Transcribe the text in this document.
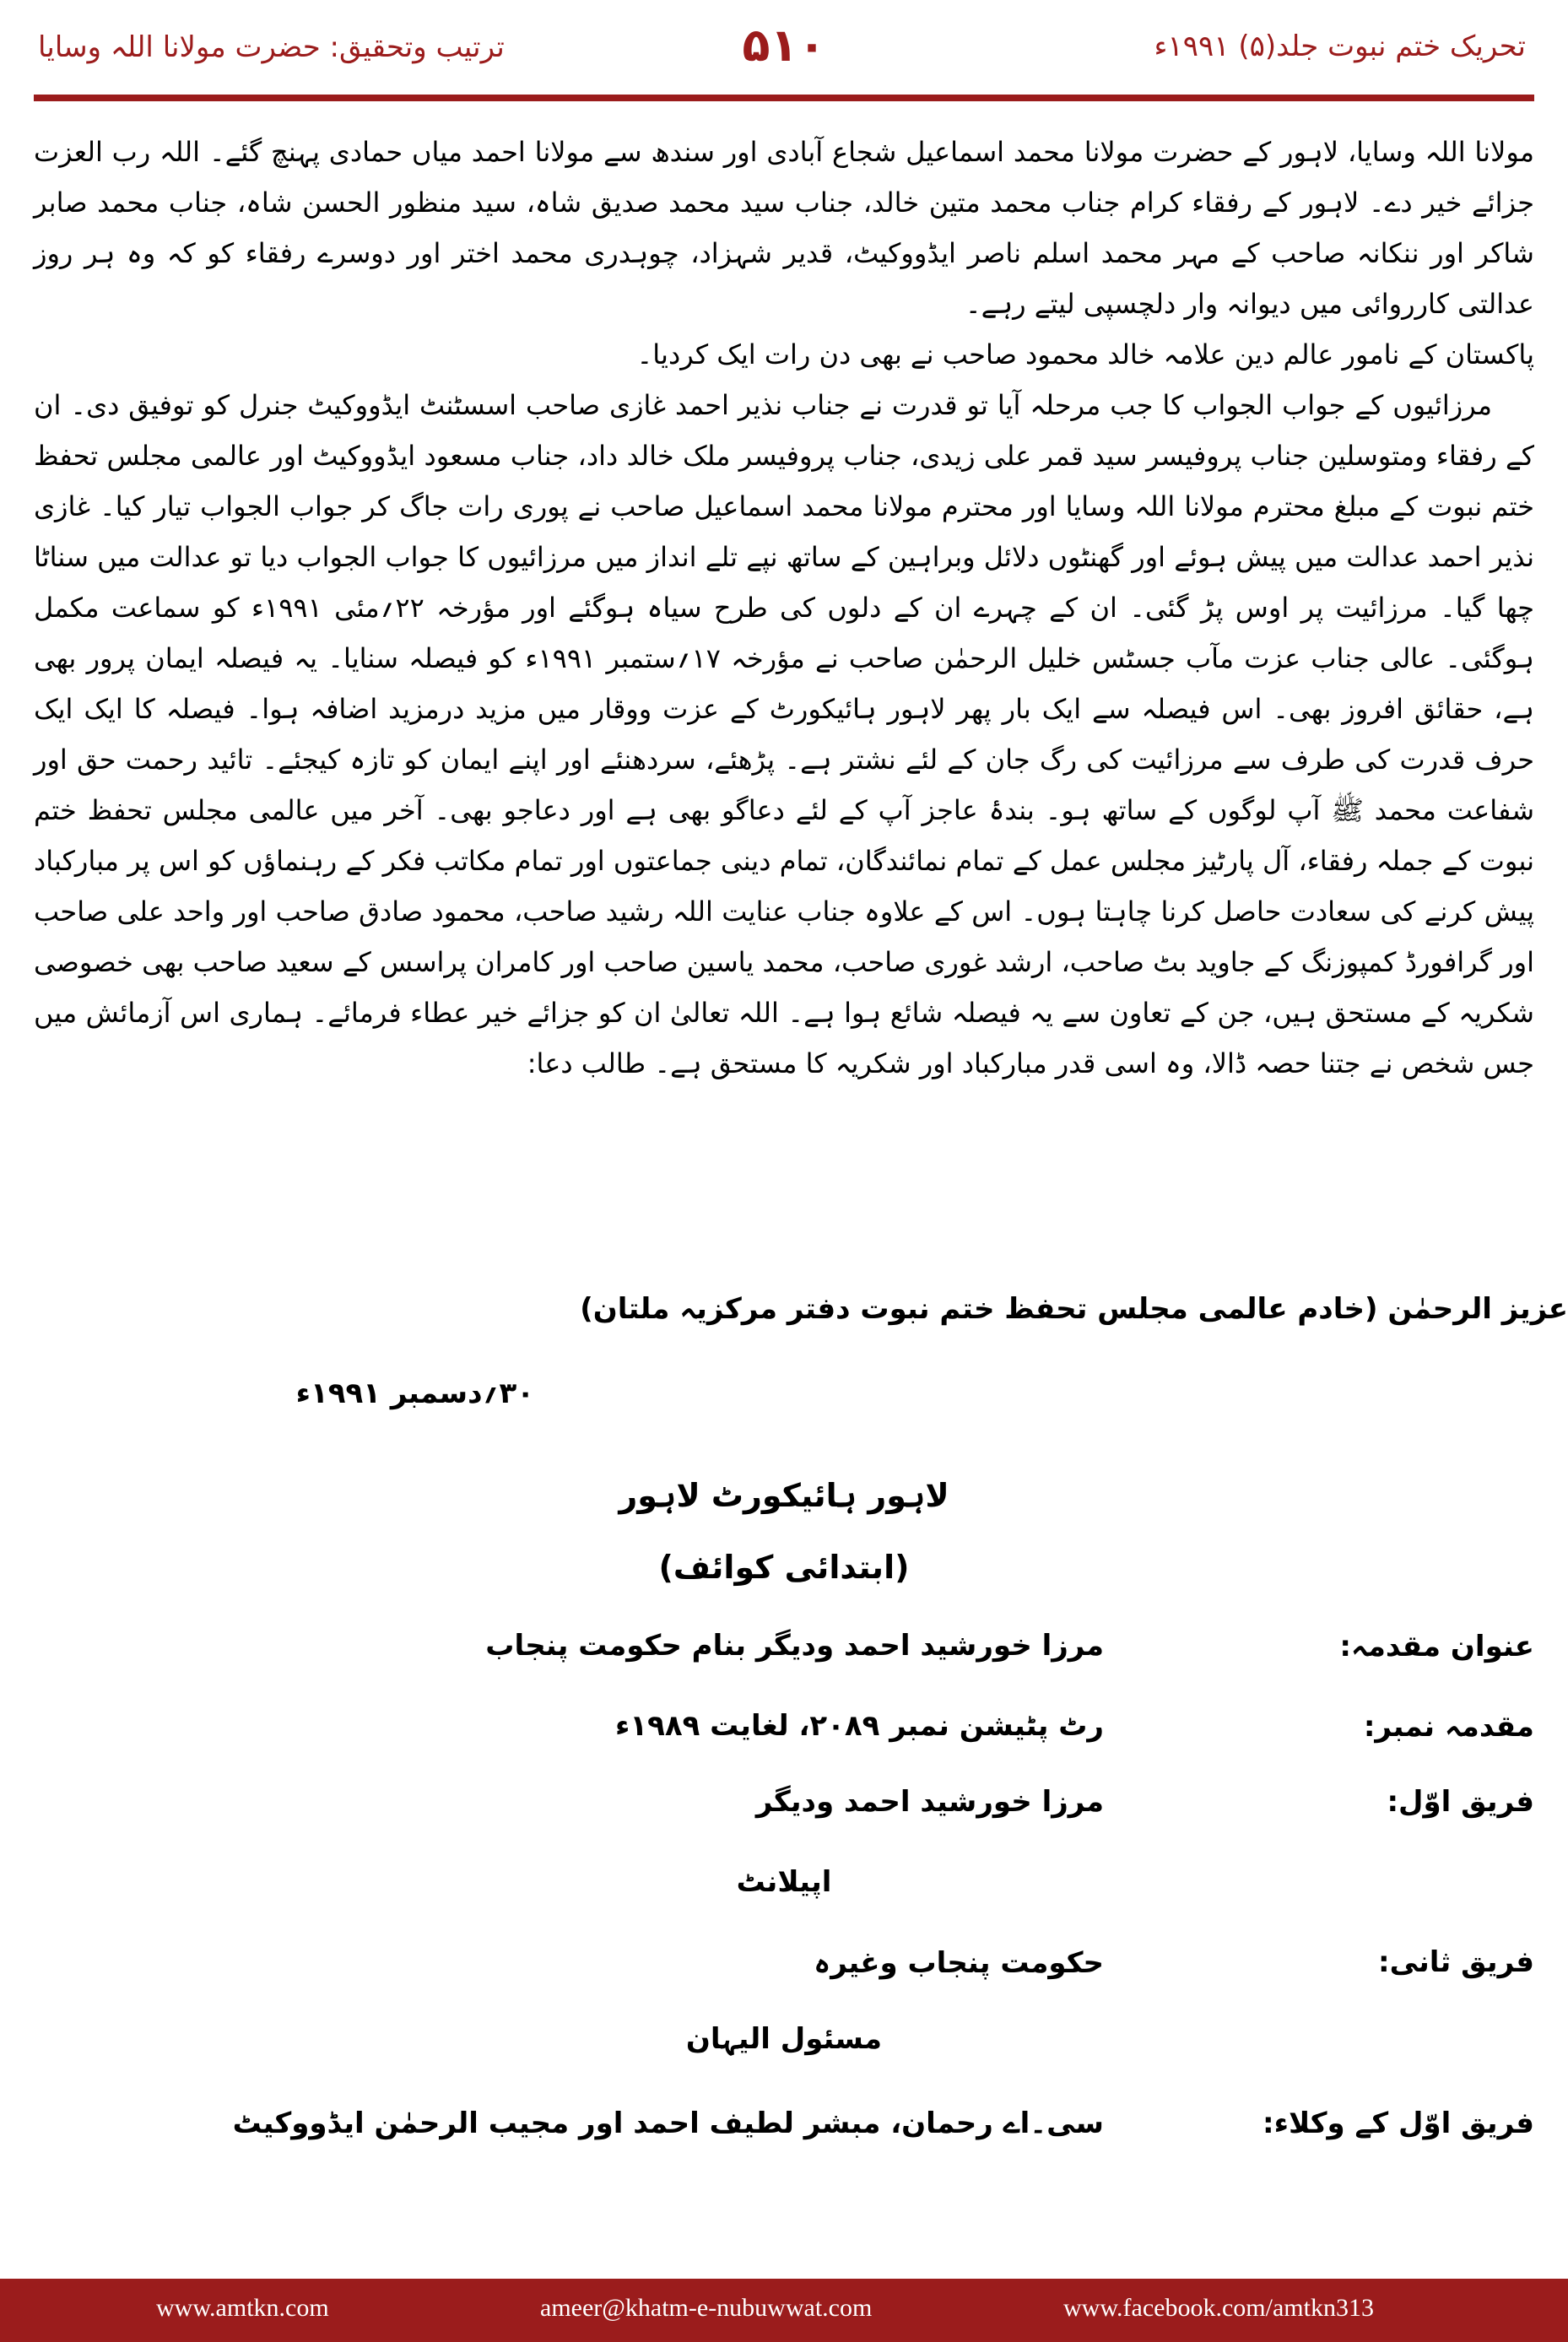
تحریک ختم نبوت جلد(۵) ۱۹۹۱ء
۵۱۰
ترتیب وتحقیق: حضرت مولانا اللہ وسایا

مولانا اللہ وسایا، لاہور کے حضرت مولانا محمد اسماعیل شجاع آبادی اور سندھ سے مولانا احمد میاں حمادی پہنچ گئے۔ اللہ رب العزت جزائے خیر دے۔ لاہور کے رفقاء کرام جناب محمد متین خالد، جناب سید محمد صدیق شاہ، سید منظور الحسن شاہ، جناب محمد صابر شاکر اور ننکانہ صاحب کے مہر محمد اسلم ناصر ایڈووکیٹ، قدیر شہزاد، چوہدری محمد اختر اور دوسرے رفقاء کو کہ وہ ہر روز عدالتی کارروائی میں دیوانہ وار دلچسپی لیتے رہے۔

پاکستان کے نامور عالم دین علامہ خالد محمود صاحب نے بھی دن رات ایک کردیا۔

مرزائیوں کے جواب الجواب کا جب مرحلہ آیا تو قدرت نے جناب نذیر احمد غازی صاحب اسسٹنٹ ایڈووکیٹ جنرل کو توفیق دی۔ ان کے رفقاء ومتوسلین جناب پروفیسر سید قمر علی زیدی، جناب پروفیسر ملک خالد داد، جناب مسعود ایڈووکیٹ اور عالمی مجلس تحفظ ختم نبوت کے مبلغ محترم مولانا اللہ وسایا اور محترم مولانا محمد اسماعیل صاحب نے پوری رات جاگ کر جواب الجواب تیار کیا۔ غازی نذیر احمد عدالت میں پیش ہوئے اور گھنٹوں دلائل وبراہین کے ساتھ نپے تلے انداز میں مرزائیوں کا جواب الجواب دیا تو عدالت میں سناٹا چھا گیا۔ مرزائیت پر اوس پڑ گئی۔ ان کے چہرے ان کے دلوں کی طرح سیاہ ہوگئے اور مؤرخہ ۲۲؍مئی ۱۹۹۱ء کو سماعت مکمل ہوگئی۔ عالی جناب عزت مآب جسٹس خلیل الرحمٰن صاحب نے مؤرخہ ۱۷؍ستمبر ۱۹۹۱ء کو فیصلہ سنایا۔ یہ فیصلہ ایمان پرور بھی ہے، حقائق افروز بھی۔ اس فیصلہ سے ایک بار پھر لاہور ہائیکورٹ کے عزت ووقار میں مزید درمزید اضافہ ہوا۔ فیصلہ کا ایک ایک حرف قدرت کی طرف سے مرزائیت کی رگ جان کے لئے نشتر ہے۔ پڑھئے، سردھنئے اور اپنے ایمان کو تازہ کیجئے۔ تائید رحمت حق اور شفاعت محمد ﷺ آپ لوگوں کے ساتھ ہو۔ بندۂ عاجز آپ کے لئے دعاگو بھی ہے اور دعاجو بھی۔ آخر میں عالمی مجلس تحفظ ختم نبوت کے جملہ رفقاء، آل پارٹیز مجلس عمل کے تمام نمائندگان، تمام دینی جماعتوں اور تمام مکاتب فکر کے رہنماؤں کو اس پر مبارکباد پیش کرنے کی سعادت حاصل کرنا چاہتا ہوں۔ اس کے علاوہ جناب عنایت اللہ رشید صاحب، محمود صادق صاحب اور واحد علی صاحب اور گرافورڈ کمپوزنگ کے جاوید بٹ صاحب، ارشد غوری صاحب، محمد یاسین صاحب اور کامران پراسس کے سعید صاحب بھی خصوصی شکریہ کے مستحق ہیں، جن کے تعاون سے یہ فیصلہ شائع ہوا ہے۔ اللہ تعالیٰ ان کو جزائے خیر عطاء فرمائے۔ ہماری اس آزمائش میں جس شخص نے جتنا حصہ ڈالا، وہ اسی قدر مبارکباد اور شکریہ کا مستحق ہے۔ طالب دعا:

عزیز الرحمٰن (خادم عالمی مجلس تحفظ ختم نبوت دفتر مرکزیہ ملتان)
۳۰؍دسمبر ۱۹۹۱ء
لاہور ہائیکورٹ لاہور
(ابتدائی کوائف)
عنوان مقدمہ:
مرزا خورشید احمد ودیگر بنام حکومت پنجاب
مقدمہ نمبر:
رٹ پٹیشن نمبر ۲۰۸۹، لغایت ۱۹۸۹ء
فریق اوّل:
مرزا خورشید احمد ودیگر
اپیلانٹ
فریق ثانی:
حکومت پنجاب وغیرہ
مسئول الیہان
فریق اوّل کے وکلاء:
سی۔اے رحمان، مبشر لطیف احمد اور مجیب الرحمٰن ایڈووکیٹ
www.amtkn.com	ameer@khatm-e-nubuwwat.com	www.facebook.com/amtkn313
